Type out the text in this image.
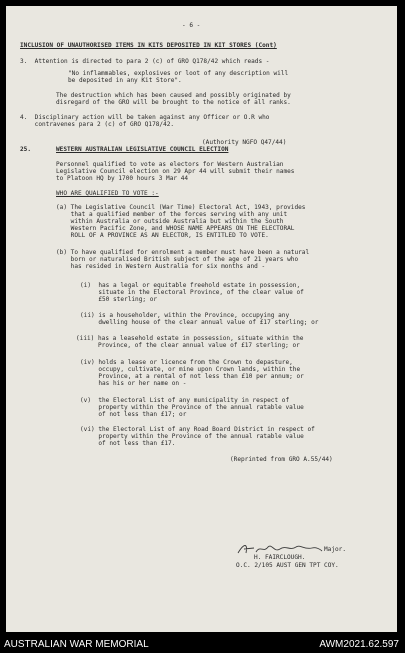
- 6 -
INCLUSION OF UNAUTHORISED ITEMS IN KITS DEPOSITED IN KIT STORES (Cont)
3.  Attention is directed to para 2 (c) of GRO Q178/42 which reads -
"No inflammables, explosives or loot of any description will
be deposited in any Kit Store".
The destruction which has been caused and possibly originated by
disregard of the GRO will be brought to the notice of all ranks.
4.  Disciplinary action will be taken against any Officer or O.R who
contravenes para 2 (c) of GRO Q178/42.
(Authority NGFO Q47/44)
25.	WESTERN AUSTRALIAN LEGISLATIVE COUNCIL ELECTION
Personnel qualified to vote as electors for Western Australian
Legislative Council election on 29 Apr 44 will submit their names
to Platoon HQ by 1700 hours 3 Mar 44
WHO ARE QUALIFIED TO VOTE :-
(a) The Legislative Council (War Time) Electoral Act, 1943, provides
that a qualified member of the forces serving with any unit
within Australia or outside Australia but within the South
Western Pacific Zone, and WHOSE NAME APPEARS ON THE ELECTORAL
ROLL OF A PROVINCE AS AN ELECTOR, IS ENTITLED TO VOTE.
(b) To have qualified for enrolment a member must have been a natural
born or naturalised British subject of the age of 21 years who
has resided in Western Australia for six months and -
(i)  has a legal or equitable freehold estate in possession,
situate in the Electoral Province, of the clear value of
£50 sterling; or
(ii) is a householder, within the Province, occupying any
dwelling house of the clear annual value of £17 sterling; or
(iii) has a leasehold estate in possession, situate within the
Province, of the clear annual value of £17 sterling; or
(iv) holds a lease or licence from the Crown to depasture,
occupy, cultivate, or mine upon Crown lands, within the
Province, at a rental of not less than £10 per annum; or
has his or her name on -
(v)  the Electoral List of any municipality in respect of
property within the Province of the annual ratable value
of not less than £17; or
(vi) the Electoral List of any Road Board District in respect of
property within the Province of the annual ratable value
of not less than £17.
(Reprinted from GRO A.55/44)
Major.
H. FAIRCLOUGH.
O.C. 2/105 AUST GEN TPT COY.
AUSTRALIAN WAR MEMORIAL	AWM2021.62.597
